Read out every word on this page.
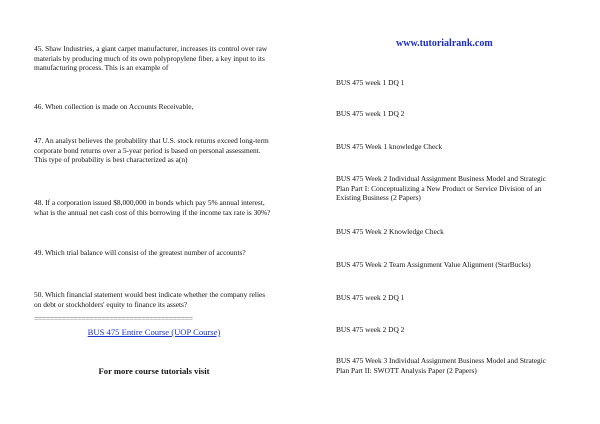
45. Shaw Industries, a giant carpet manufacturer, increases its control over raw materials by producing much of its own polypropylene fiber, a key input to its manufacturing process. This is an example of
46. When collection is made on Accounts Receivable,
47. An analyst believes the probability that U.S. stock returns exceed long-term corporate bond returns over a 5-year period is based on personal assessment. This type of probability is best characterized as a(n)
48. If a corporation issued $8,000,000 in bonds which pay 5% annual interest, what is the annual net cash cost of this borrowing if the income tax rate is 30%?
49. Which trial balance will consist of the greatest number of accounts?
50. Which financial statement would best indicate whether the company relies on debt or stockholders' equity to finance its assets?
========================================
BUS 475 Entire Course (UOP Course)
For more course tutorials visit
www.tutorialrank.com
BUS 475 week 1 DQ 1
BUS 475 week 1 DQ 2
BUS 475 Week 1 knowledge Check
BUS 475 Week 2 Individual Assignment Business Model and Strategic Plan Part I: Conceptualizing a New Product or Service Division of an Existing Business (2 Papers)
BUS 475 Week 2 Knowledge Check
BUS 475 Week 2 Team Assignment Value Alignment (StarBucks)
BUS 475 week 2 DQ 1
BUS 475 week 2 DQ 2
BUS 475 Week 3 Individual Assignment Business Model and Strategic Plan Part II: SWOTT Analysis Paper (2 Papers)
